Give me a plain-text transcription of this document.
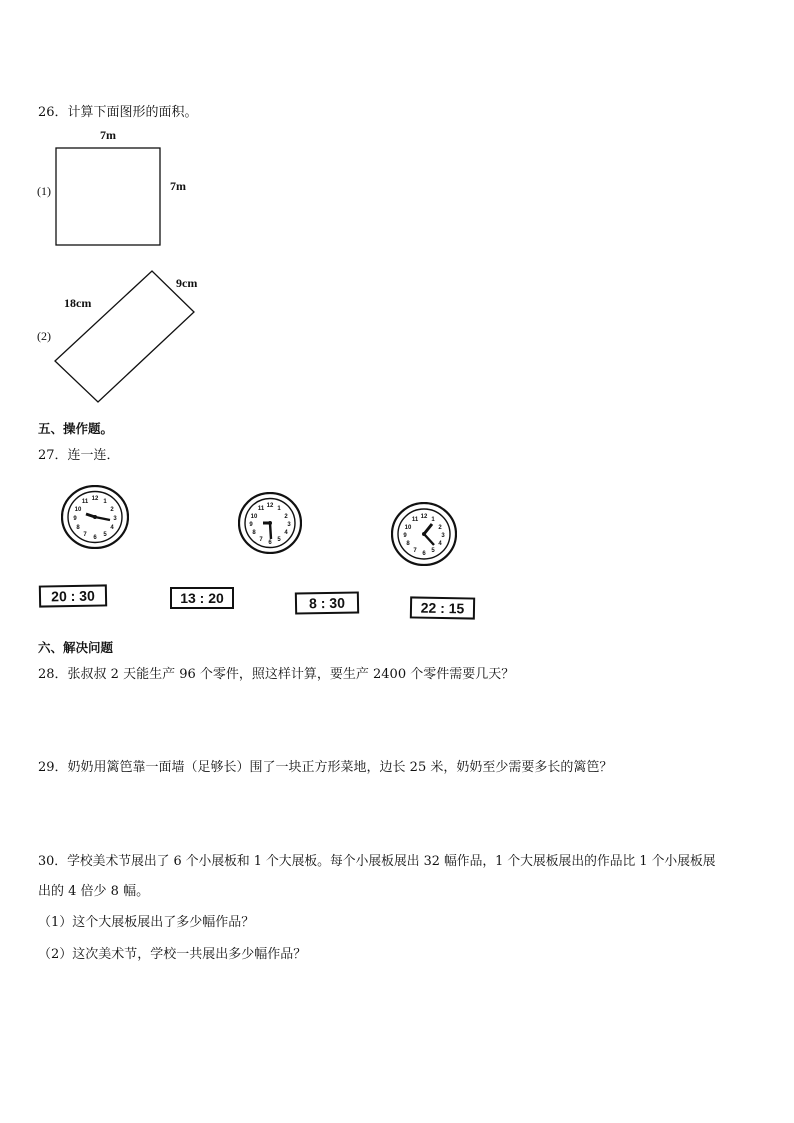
26．计算下面图形的面积。
7m
(1)	7m
18cm
9cm
(2)
五、操作题。
27．连一连．
12 1
2
3
4
5
6
7
8
9
10
11
12 1
2
3
4
5
6
7
8
9
10
11
12 1
2
3
4
5
6
7
8
9
10
11
20 : 30	13 : 20	8 : 30	22 : 15
六、解决问题
28．张叔叔 2 天能生产 96 个零件，照这样计算，要生产 2400 个零件需要几天？
29．奶奶用篱笆靠一面墙（足够长）围了一块正方形菜地，边长 25 米，奶奶至少需要多长的篱笆？
30．学校美术节展出了 6 个小展板和 1 个大展板。每个小展板展出 32 幅作品，1 个大展板展出的作品比 1 个小展板展
出的 4 倍少 8 幅。
（1）这个大展板展出了多少幅作品？
（2）这次美术节，学校一共展出多少幅作品？
